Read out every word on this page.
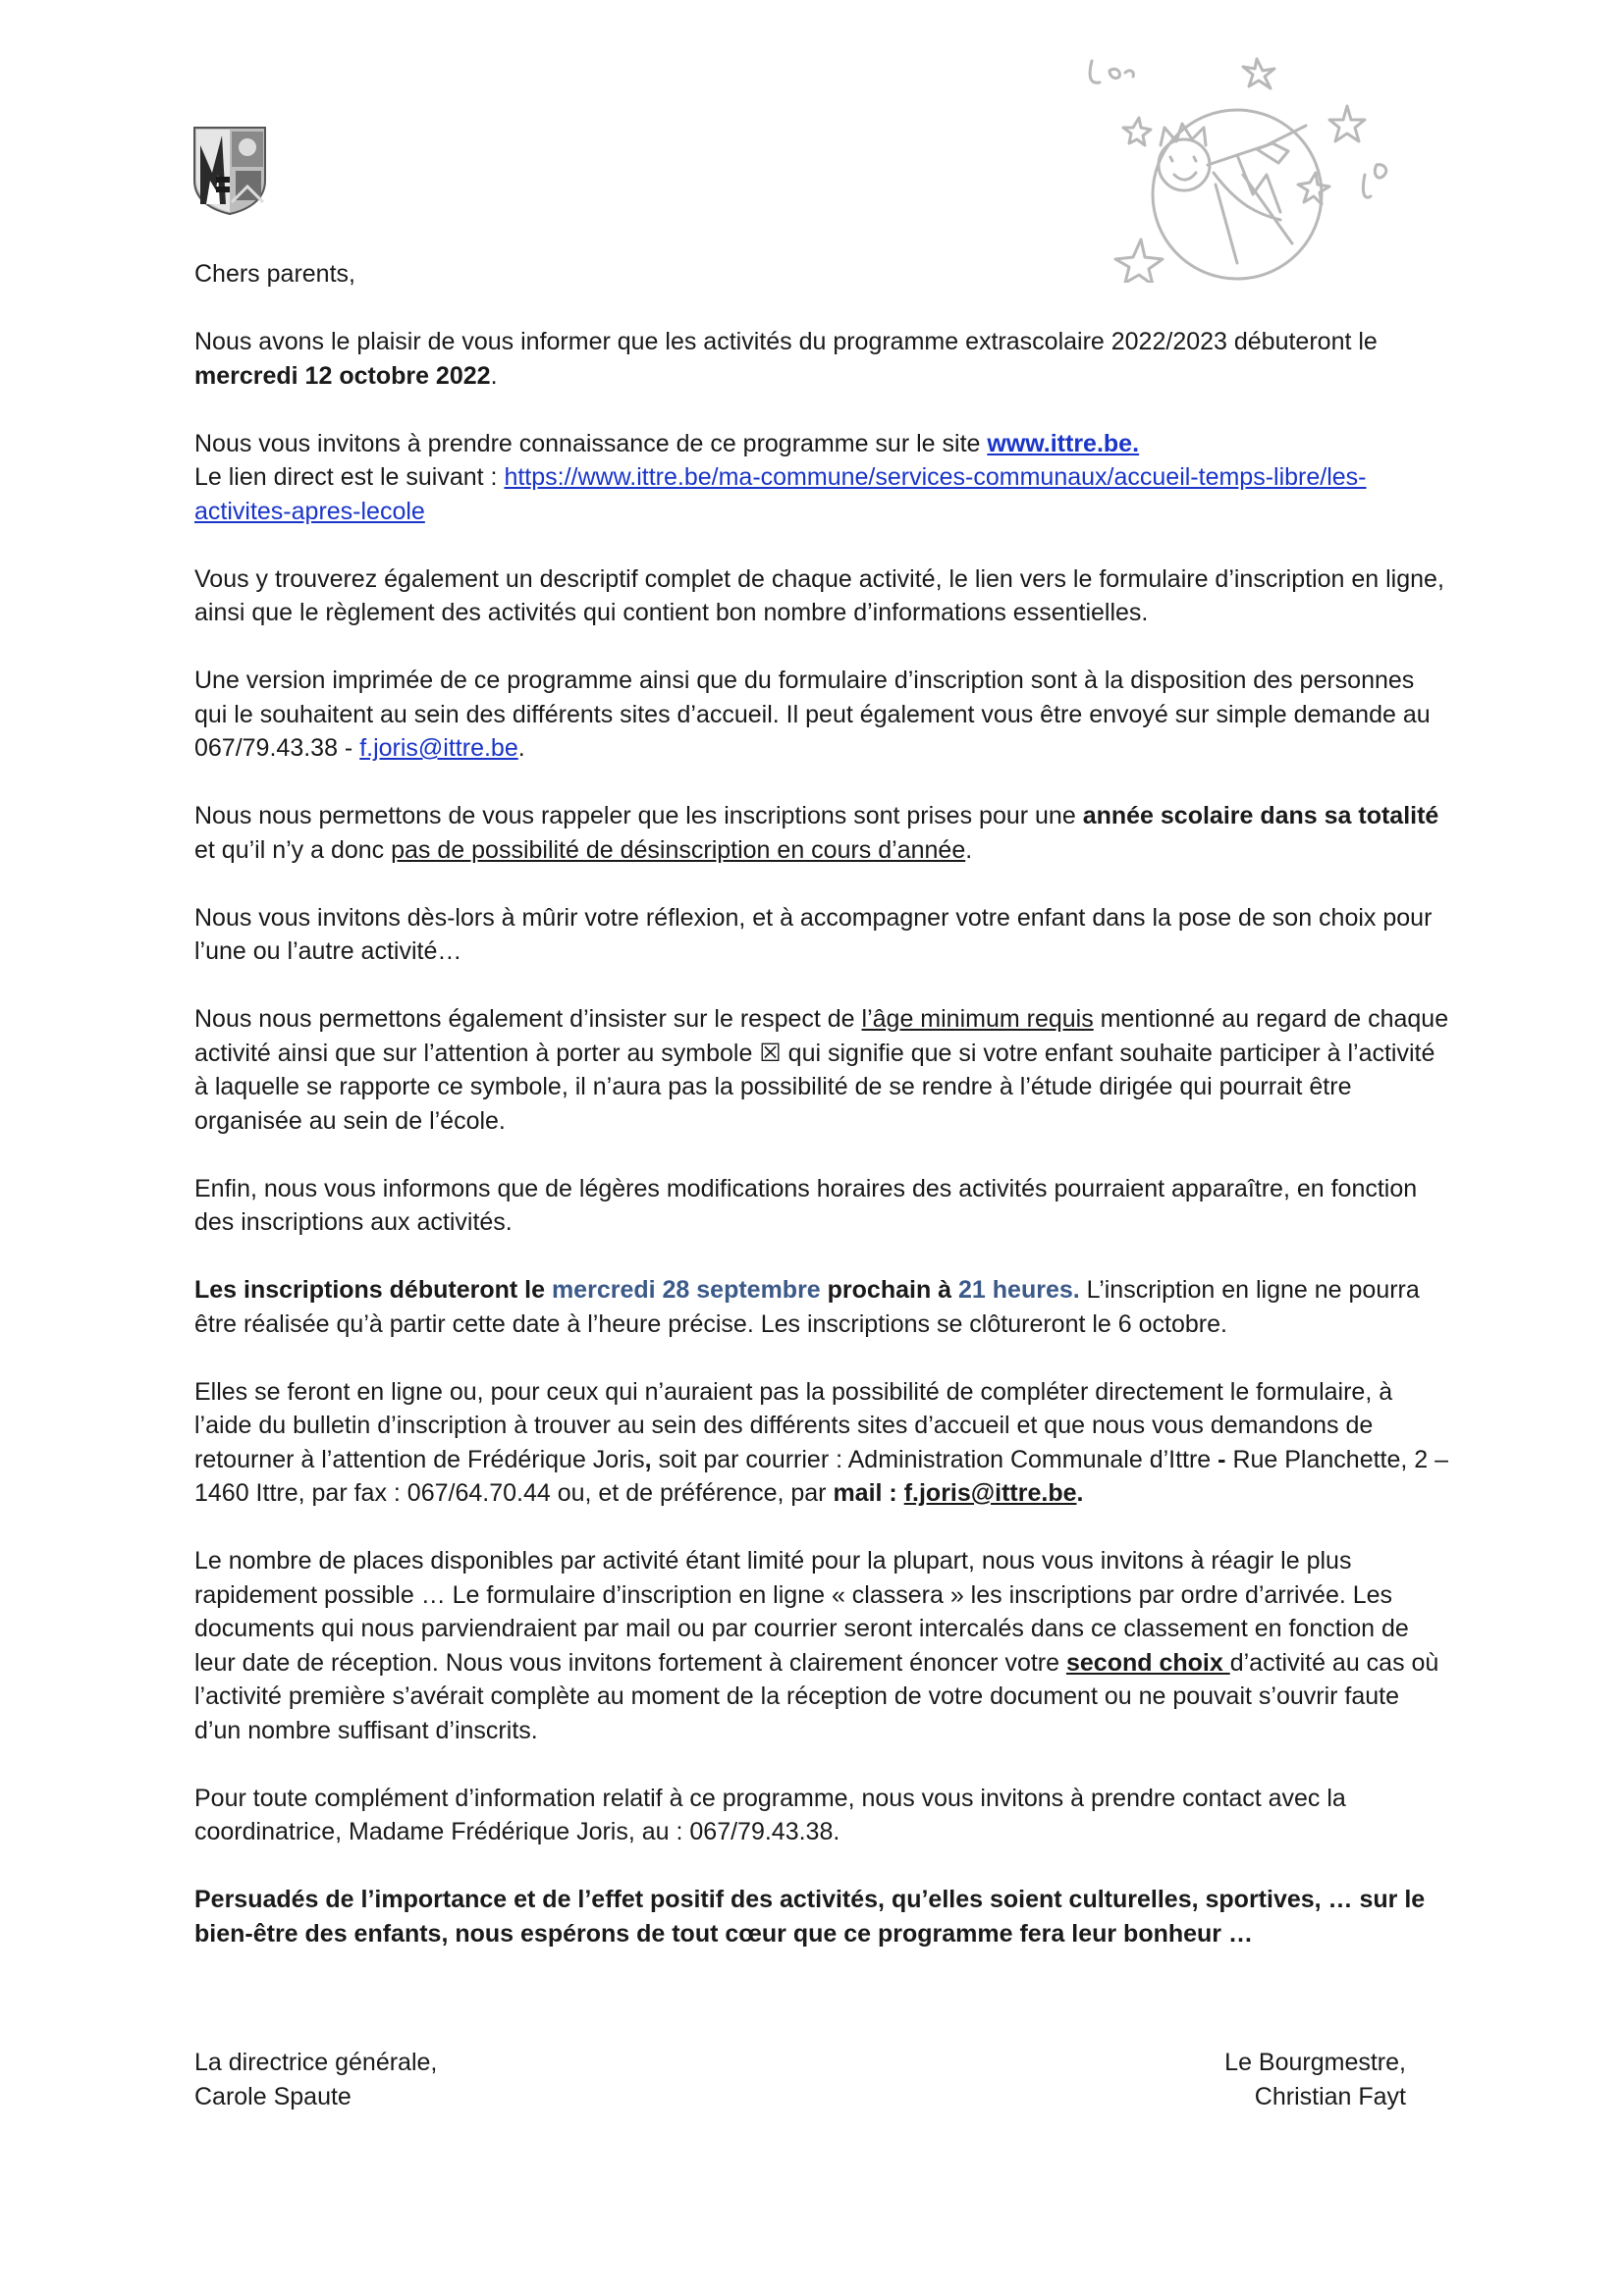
Chers parents,

Nous avons le plaisir de vous informer que les activités du programme extrascolaire 2022/2023 débuteront le mercredi 12 octobre 2022.

Nous vous invitons à prendre connaissance de ce programme sur le site www.ittre.be.
Le lien direct est le suivant : https://www.ittre.be/ma-commune/services-communaux/accueil-temps-libre/les-activites-apres-lecole

Vous y trouverez également un descriptif complet de chaque activité, le lien vers le formulaire d’inscription en ligne, ainsi que le règlement des activités qui contient bon nombre d’informations essentielles.

Une version imprimée de ce programme ainsi que du formulaire d’inscription sont à la disposition des personnes qui le souhaitent au sein des différents sites d’accueil. Il peut également vous être envoyé sur simple demande au 067/79.43.38 - f.joris@ittre.be.

Nous nous permettons de vous rappeler que les inscriptions sont prises pour une année scolaire dans sa totalité et qu’il n’y a donc pas de possibilité de désinscription en cours d’année.

Nous vous invitons dès-lors à mûrir votre réflexion, et à accompagner votre enfant dans la pose de son choix pour l’une ou l’autre activité…

Nous nous permettons également d’insister sur le respect de l’âge minimum requis mentionné au regard de chaque activité ainsi que sur l’attention à porter au symbole ☒ qui signifie que si votre enfant souhaite participer à l’activité à laquelle se rapporte ce symbole, il n’aura pas la possibilité de se rendre à l’étude dirigée qui pourrait être organisée au sein de l’école.

Enfin, nous vous informons que de légères modifications horaires des activités pourraient apparaître, en fonction des inscriptions aux activités.

Les inscriptions débuteront le mercredi 28 septembre prochain à 21 heures. L’inscription en ligne ne pourra être réalisée qu’à partir cette date à l’heure précise. Les inscriptions se clôtureront le 6 octobre.

Elles se feront en ligne ou, pour ceux qui n’auraient pas la possibilité de compléter directement le formulaire, à l’aide du bulletin d’inscription à trouver au sein des différents sites d’accueil et que nous vous demandons de retourner à l’attention de Frédérique Joris, soit par courrier : Administration Communale d’Ittre - Rue Planchette, 2 – 1460 Ittre, par fax : 067/64.70.44 ou, et de préférence, par mail : f.joris@ittre.be.

Le nombre de places disponibles par activité étant limité pour la plupart, nous vous invitons à réagir le plus rapidement possible … Le formulaire d’inscription en ligne « classera » les inscriptions par ordre d’arrivée. Les documents qui nous parviendraient par mail ou par courrier seront intercalés dans ce classement en fonction de leur date de réception. Nous vous invitons fortement à clairement énoncer votre second choix d’activité au cas où l’activité première s’avérait complète au moment de la réception de votre document ou ne pouvait s’ouvrir faute d’un nombre suffisant d’inscrits.

Pour toute complément d’information relatif à ce programme, nous vous invitons à prendre contact avec la coordinatrice, Madame Frédérique Joris, au : 067/79.43.38.

Persuadés de l’importance et de l’effet positif des activités, qu’elles soient culturelles, sportives, … sur le bien-être des enfants, nous espérons de tout cœur que ce programme fera leur bonheur …

La directrice générale,
Carole Spaute
Le Bourgmestre,
Christian Fayt
